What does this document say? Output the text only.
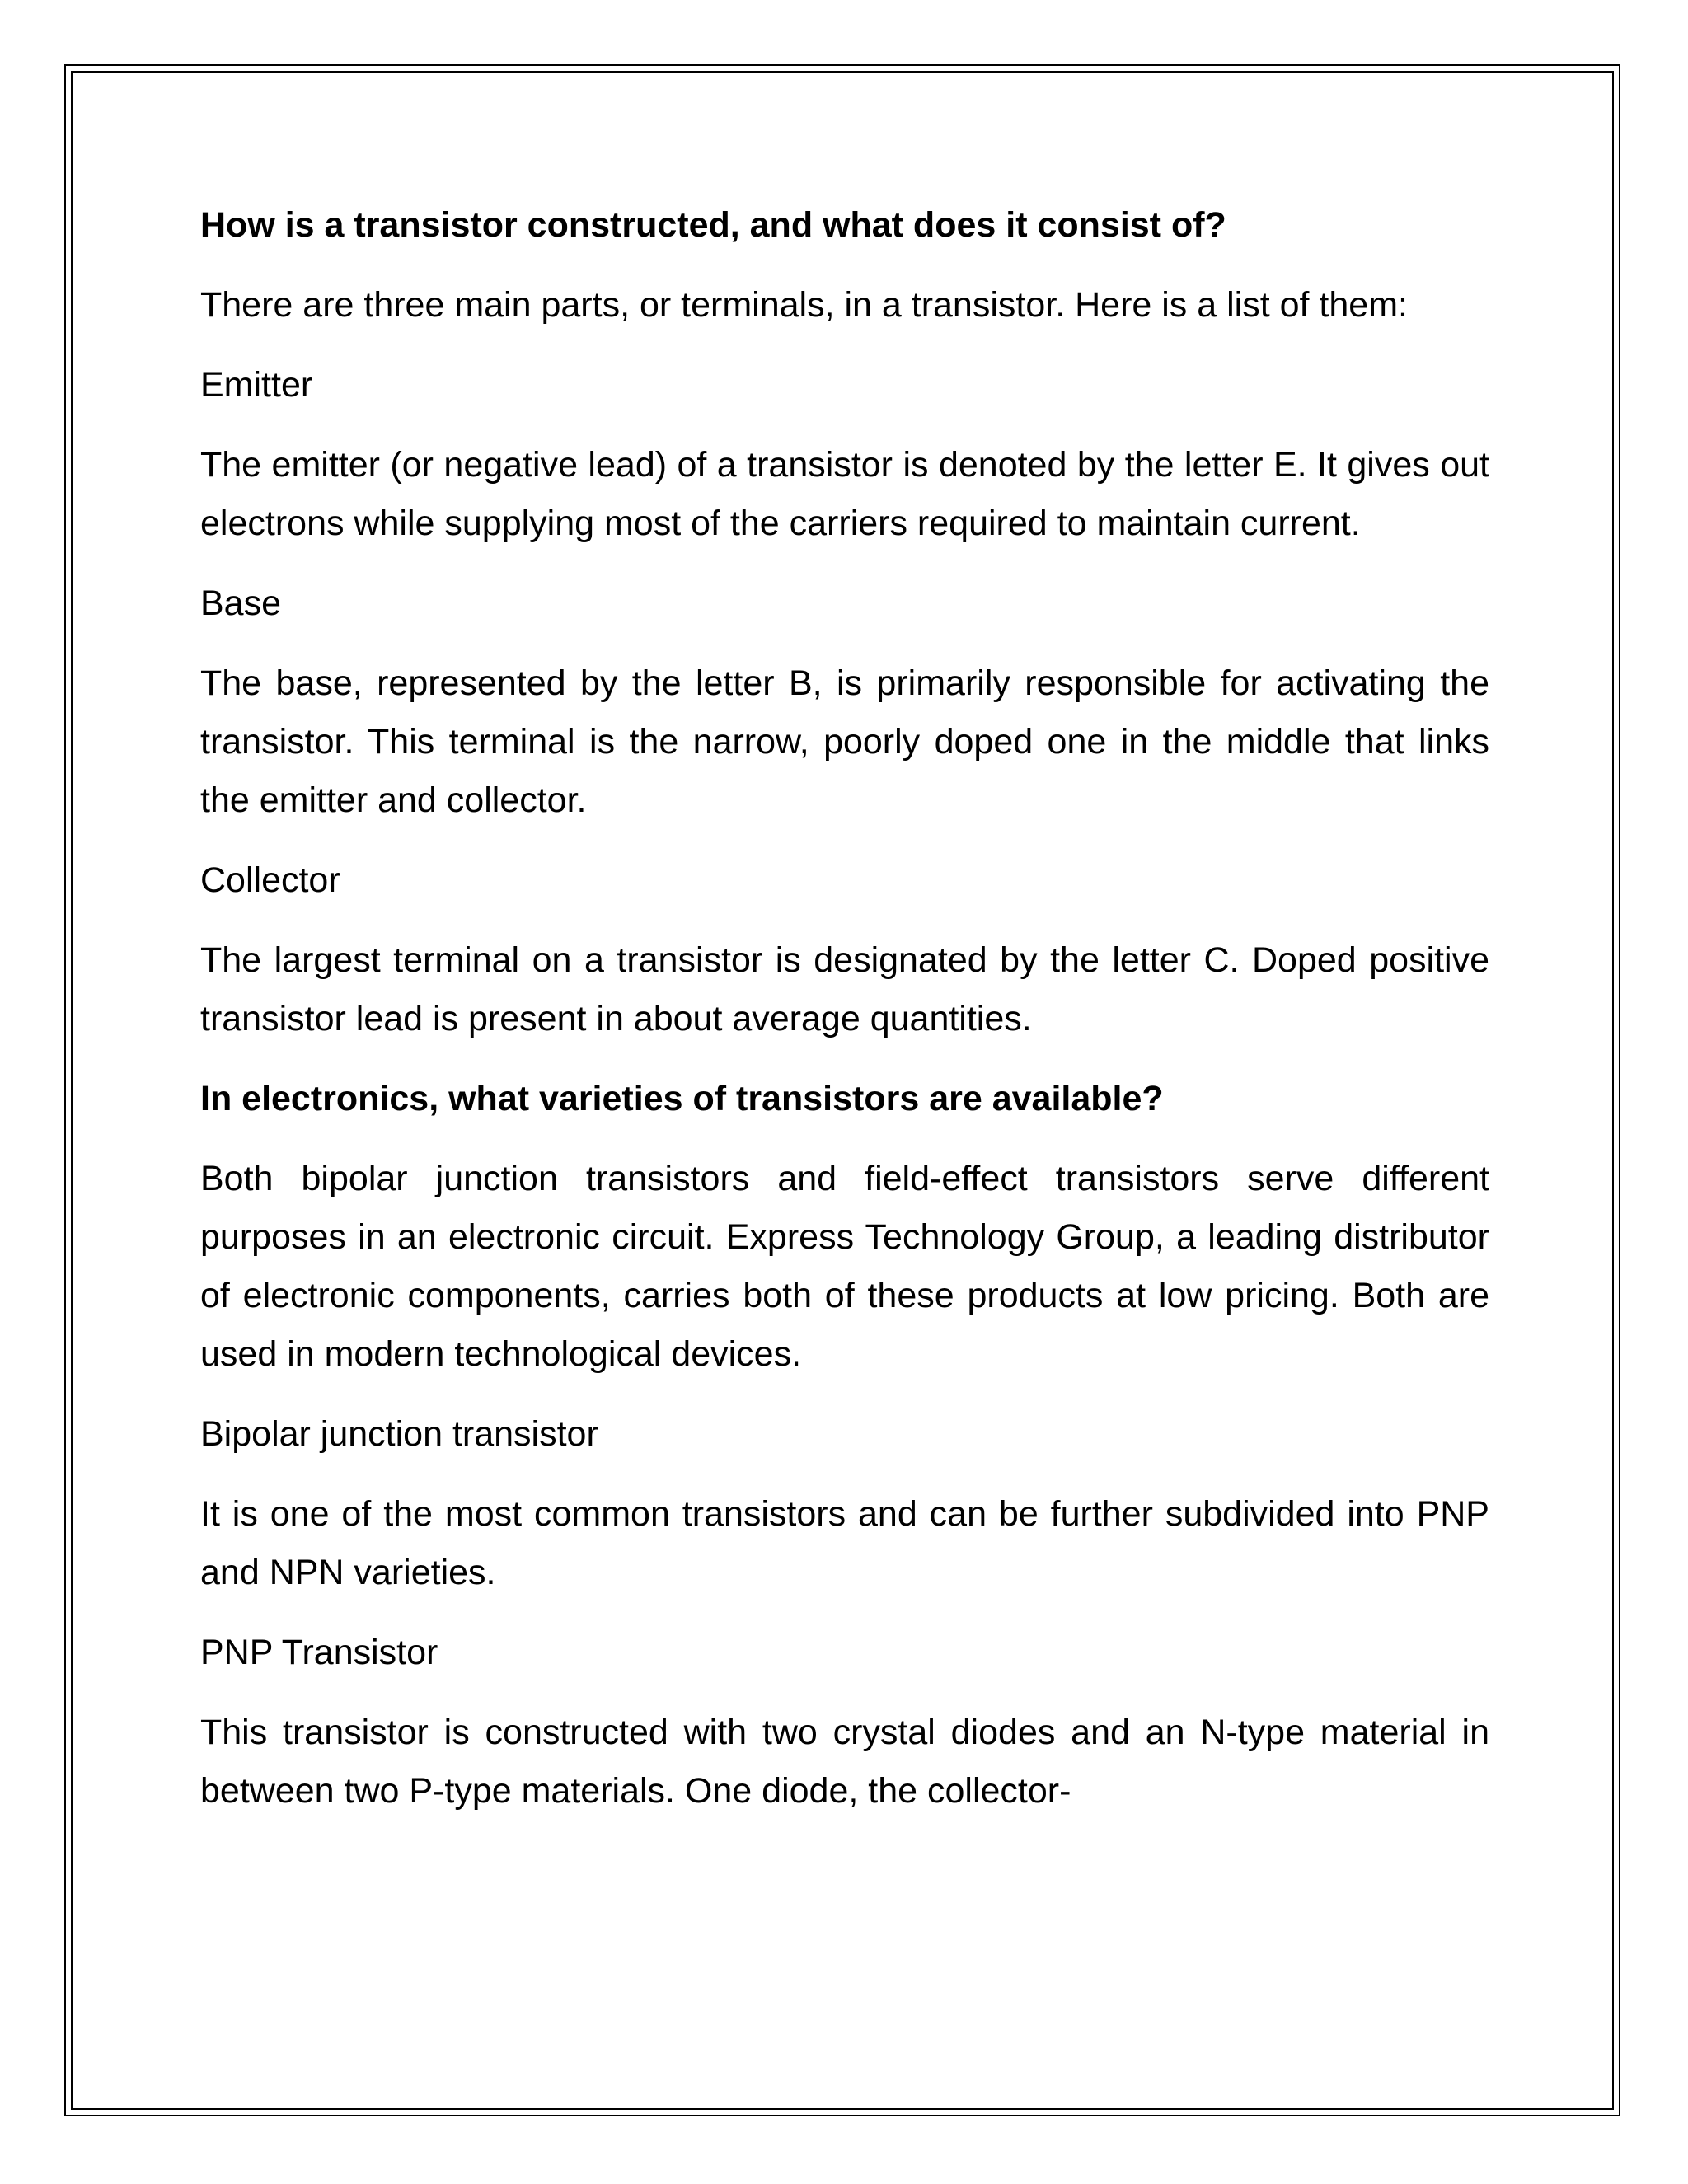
How is a transistor constructed, and what does it consist of?

There are three main parts, or terminals, in a transistor. Here is a list of them:

Emitter

The emitter (or negative lead) of a transistor is denoted by the letter E. It gives out electrons while supplying most of the carriers required to maintain current.

Base

The base, represented by the letter B, is primarily responsible for activating the transistor. This terminal is the narrow, poorly doped one in the middle that links the emitter and collector.

Collector

The largest terminal on a transistor is designated by the letter C. Doped positive transistor lead is present in about average quantities.

In electronics, what varieties of transistors are available?

Both bipolar junction transistors and field-effect transistors serve different purposes in an electronic circuit. Express Technology Group, a leading distributor of electronic components, carries both of these products at low pricing. Both are used in modern technological devices.

Bipolar junction transistor

It is one of the most common transistors and can be further subdivided into PNP and NPN varieties.

PNP Transistor

This transistor is constructed with two crystal diodes and an N-type material in between two P-type materials. One diode, the collector-
